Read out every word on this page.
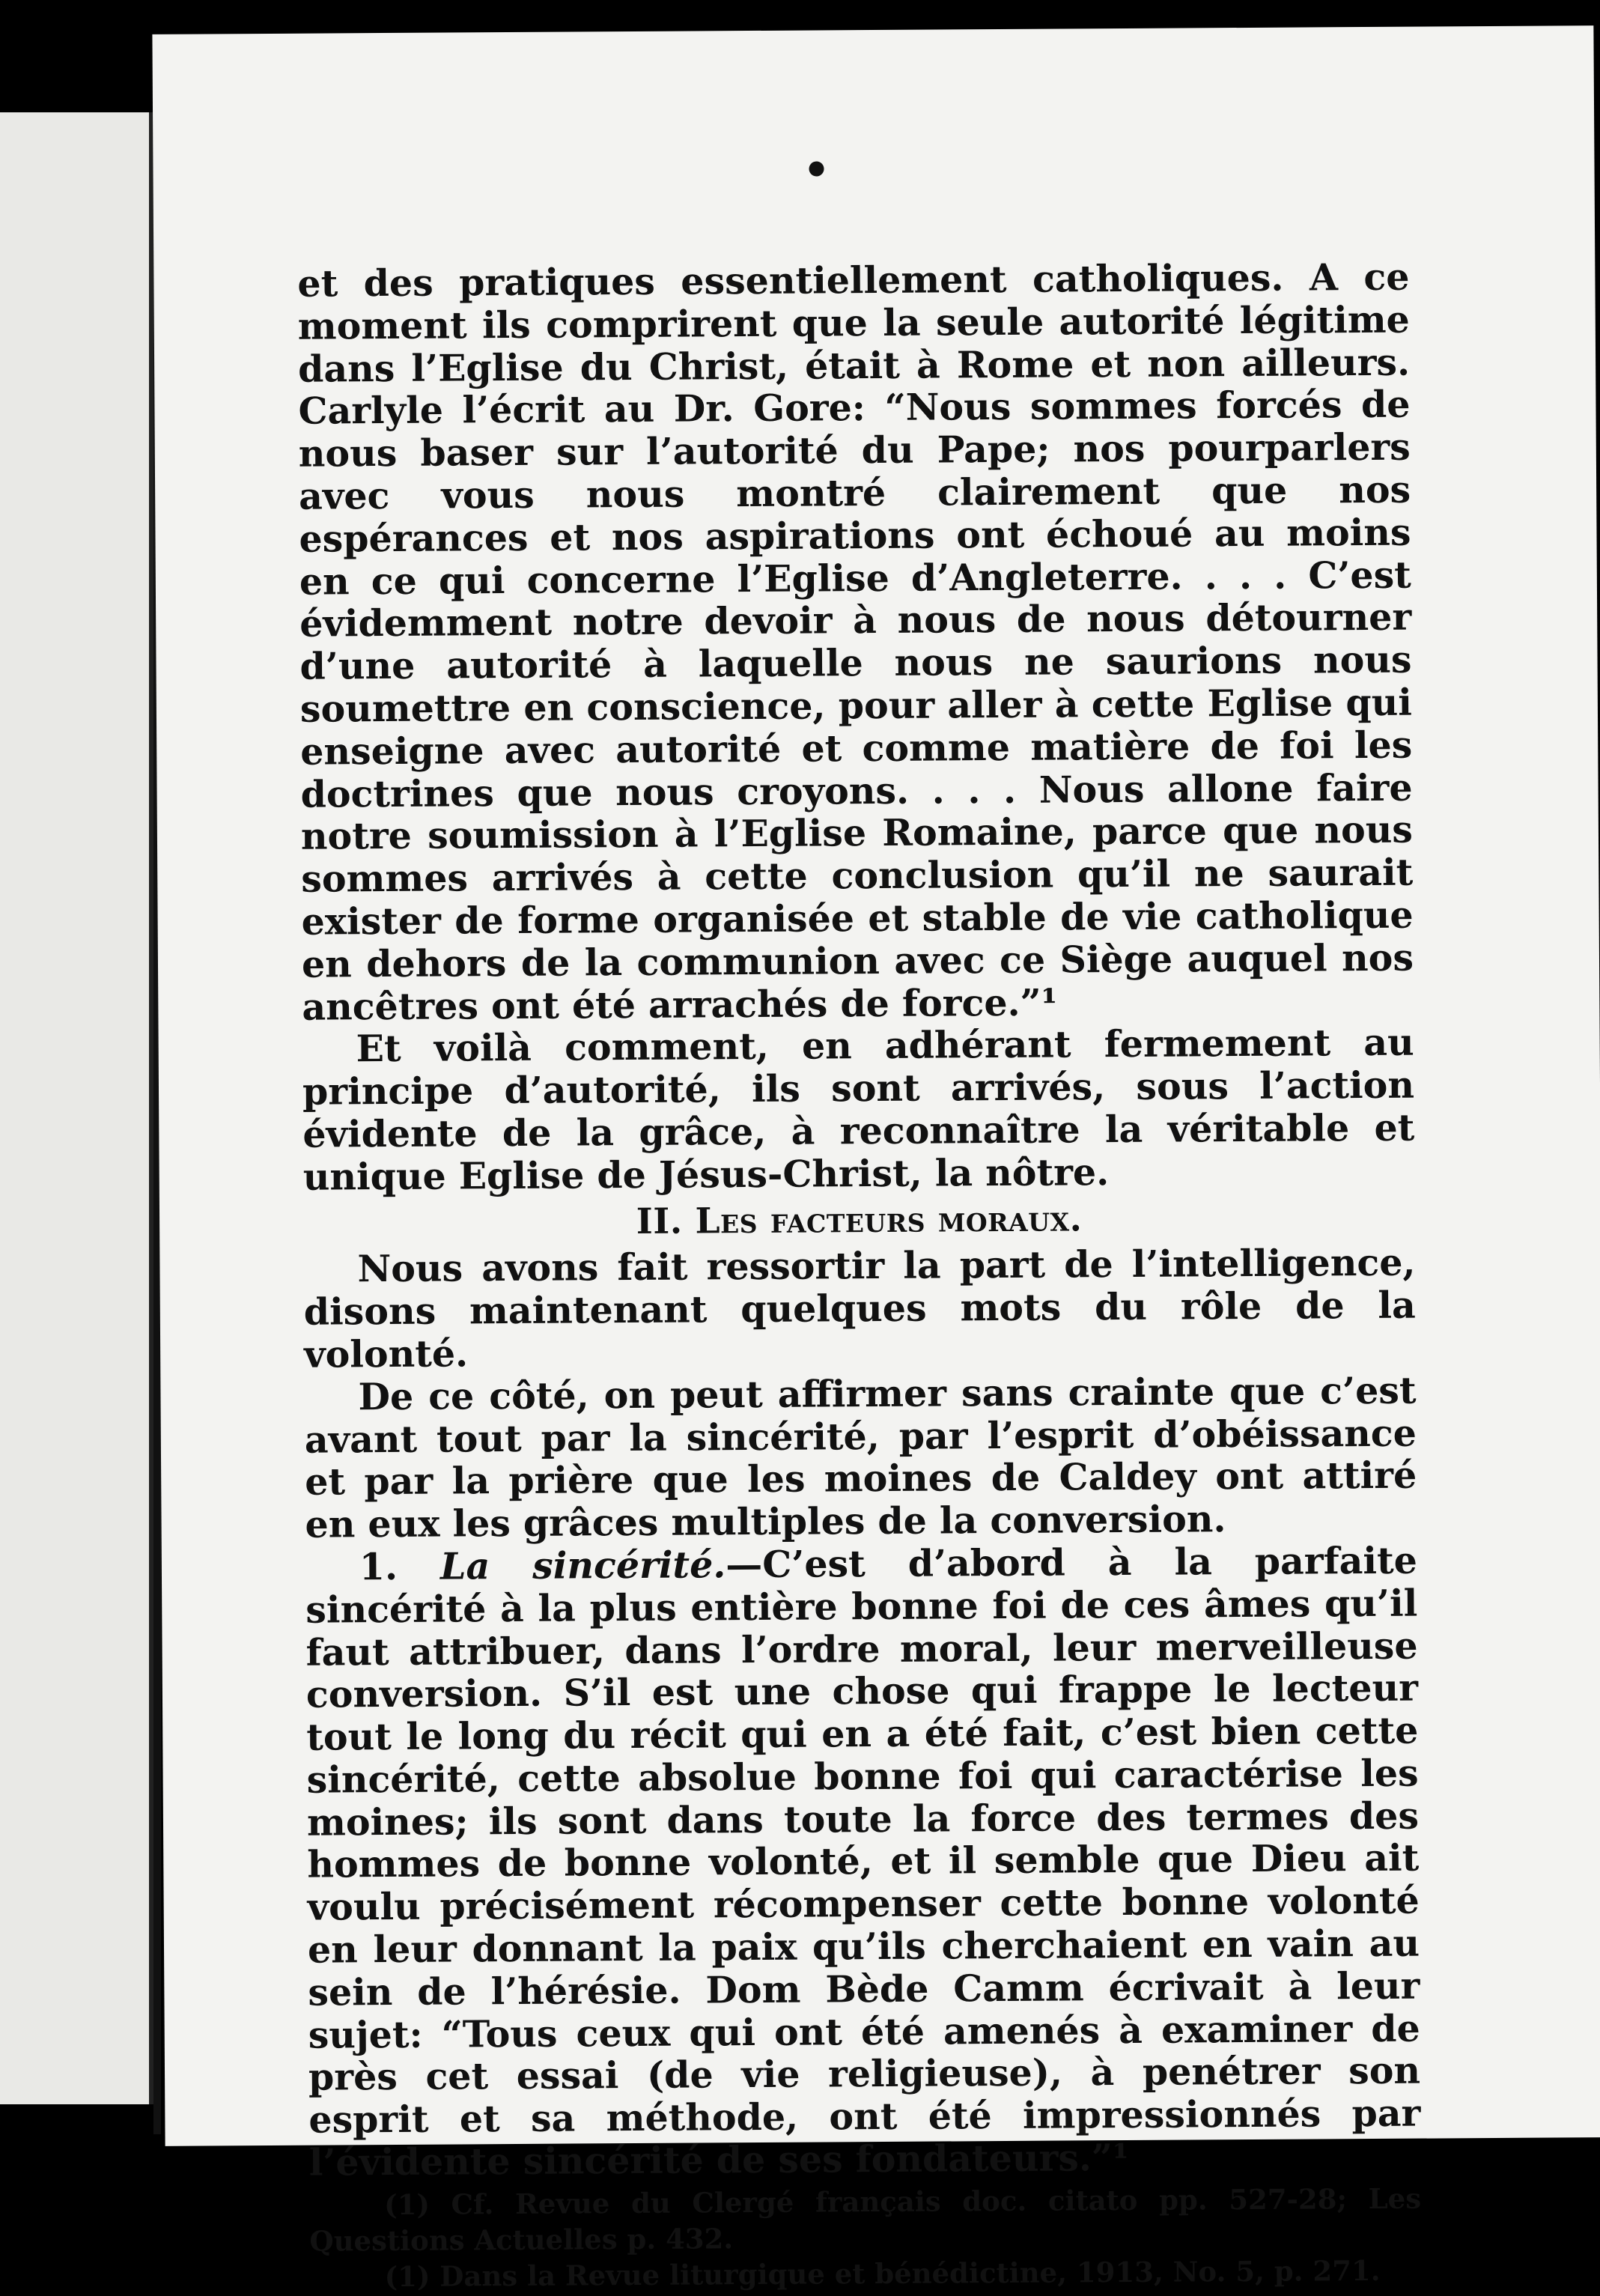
et des pratiques essentiellement catholiques. A ce moment ils comprirent que la seule autorité légitime dans l’Eglise du Christ, était à Rome et non ailleurs. Carlyle l’écrit au Dr. Gore: “Nous sommes forcés de nous baser sur l’autorité du Pape; nos pourparlers avec vous nous montré clairement que nos espérances et nos aspirations ont échoué au moins en ce qui concerne l’Eglise d’Angleterre. . . . C’est évidemment notre devoir à nous de nous détourner d’une autorité à laquelle nous ne saurions nous soumettre en conscience, pour aller à cette Eglise qui enseigne avec autorité et comme matière de foi les doctrines que nous croyons. . . . Nous allone faire notre soumission à l’Eglise Romaine, parce que nous sommes arrivés à cette conclusion qu’il ne saurait exister de forme organisée et stable de vie catholique en dehors de la communion avec ce Siège auquel nos ancêtres ont été arrachés de force.”¹

Et voilà comment, en adhérant fermement au principe d’autorité, ils sont arrivés, sous l’action évidente de la grâce, à reconnaître la véritable et unique Eglise de Jésus-Christ, la nôtre.

II. Les facteurs moraux.

Nous avons fait ressortir la part de l’intelligence, disons maintenant quelques mots du rôle de la volonté.

De ce côté, on peut affirmer sans crainte que c’est avant tout par la sincérité, par l’esprit d’obéissance et par la prière que les moines de Caldey ont attiré en eux les grâces multiples de la conversion.

1. La sincérité.—C’est d’abord à la parfaite sincérité à la plus entière bonne foi de ces âmes qu’il faut attribuer, dans l’ordre moral, leur merveilleuse conversion. S’il est une chose qui frappe le lecteur tout le long du récit qui en a été fait, c’est bien cette sincérité, cette absolue bonne foi qui caractérise les moines; ils sont dans toute la force des termes des hommes de bonne volonté, et il semble que Dieu ait voulu précisément récompenser cette bonne volonté en leur donnant la paix qu’ils cherchaient en vain au sein de l’hérésie. Dom Bède Camm écrivait à leur sujet: “Tous ceux qui ont été amenés à examiner de près cet essai (de vie religieuse), à penétrer son esprit et sa méthode, ont été impressionnés par l’évidente sincérité de ses fondateurs.”¹

(1) Cf. Revue du Clergé français doc. citato pp. 527-28; Les Questions Actuelles p. 432.

(1) Dans la Revue liturgique et bénédictine, 1913, No. 5, p. 271.
